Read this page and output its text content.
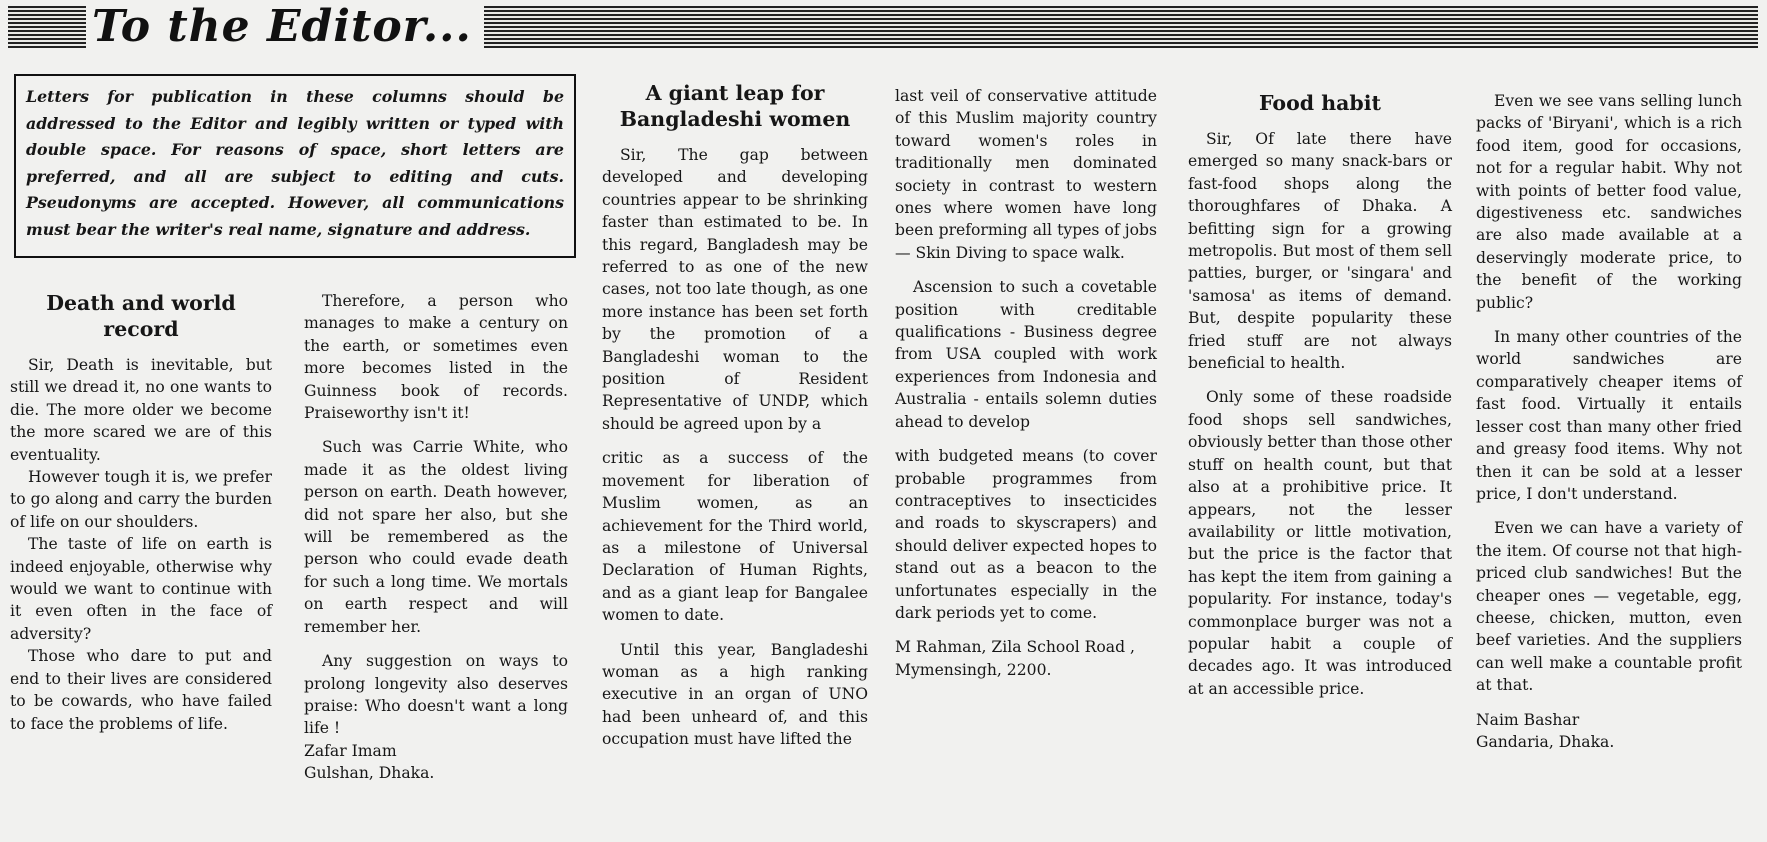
To the Editor...
Letters for publication in these columns should be addressed to the Editor and legibly written or typed with double space. For reasons of space, short letters are preferred, and all are subject to editing and cuts. Pseudonyms are accepted. However, all communications must bear the writer's real name, signature and address.
Death and world record

Sir, Death is inevitable, but still we dread it, no one wants to die. The more older we become the more scared we are of this eventuality.

However tough it is, we prefer to go along and carry the burden of life on our shoulders.

The taste of life on earth is indeed enjoyable, otherwise why would we want to continue with it even often in the face of adversity?

Those who dare to put and end to their lives are considered to be cowards, who have failed to face the problems of life.

Therefore, a person who manages to make a century on the earth, or sometimes even more becomes listed in the Guinness book of records. Praiseworthy isn't it!

Such was Carrie White, who made it as the oldest living person on earth. Death however, did not spare her also, but she will be remembered as the person who could evade death for such a long time. We mortals on earth respect and will remember her.

Any suggestion on ways to prolong longevity also deserves praise: Who doesn't want a long life !

Zafar Imam
Gulshan, Dhaka.

A giant leap for Bangladeshi women

Sir, The gap between developed and developing countries appear to be shrinking faster than estimated to be. In this regard, Bangladesh may be referred to as one of the new cases, not too late though, as one more instance has been set forth by the promotion of a Bangladeshi woman to the position of Resident Representative of UNDP, which should be agreed upon by a

critic as a success of the movement for liberation of Muslim women, as an achievement for the Third world, as a milestone of Universal Declaration of Human Rights, and as a giant leap for Bangalee women to date.

Until this year, Bangladeshi woman as a high ranking executive in an organ of UNO had been unheard of, and this occupation must have lifted the

last veil of conservative attitude of this Muslim majority country toward women's roles in traditionally men dominated society in contrast to western ones where women have long been preforming all types of jobs — Skin Diving to space walk.

Ascension to such a covetable position with creditable qualifications - Business degree from USA coupled with work experiences from Indonesia and Australia - entails solemn duties ahead to develop

with budgeted means (to cover probable programmes from contraceptives to insecticides and roads to skyscrapers) and should deliver expected hopes to stand out as a beacon to the unfortunates especially in the dark periods yet to come.

M Rahman, Zila School Road , Mymensingh, 2200.

Food habit

Sir, Of late there have emerged so many snack-bars or fast-food shops along the thoroughfares of Dhaka. A befitting sign for a growing metropolis. But most of them sell patties, burger, or 'singara' and 'samosa' as items of demand. But, despite popularity these fried stuff are not always beneficial to health.

Only some of these roadside food shops sell sandwiches, obviously better than those other stuff on health count, but that also at a prohibitive price. It appears, not the lesser availability or little motivation, but the price is the factor that has kept the item from gaining a popularity. For instance, today's commonplace burger was not a popular habit a couple of decades ago. It was introduced at an accessible price.

Even we see vans selling lunch packs of 'Biryani', which is a rich food item, good for occasions, not for a regular habit. Why not with points of better food value, digestiveness etc. sandwiches are also made available at a deservingly moderate price, to the benefit of the working public?

In many other countries of the world sandwiches are comparatively cheaper items of fast food. Virtually it entails lesser cost than many other fried and greasy food items. Why not then it can be sold at a lesser price, I don't understand.

Even we can have a variety of the item. Of course not that high-priced club sandwiches! But the cheaper ones — vegetable, egg, cheese, chicken, mutton, even beef varieties. And the suppliers can well make a countable profit at that.

Naim Bashar
Gandaria, Dhaka.
